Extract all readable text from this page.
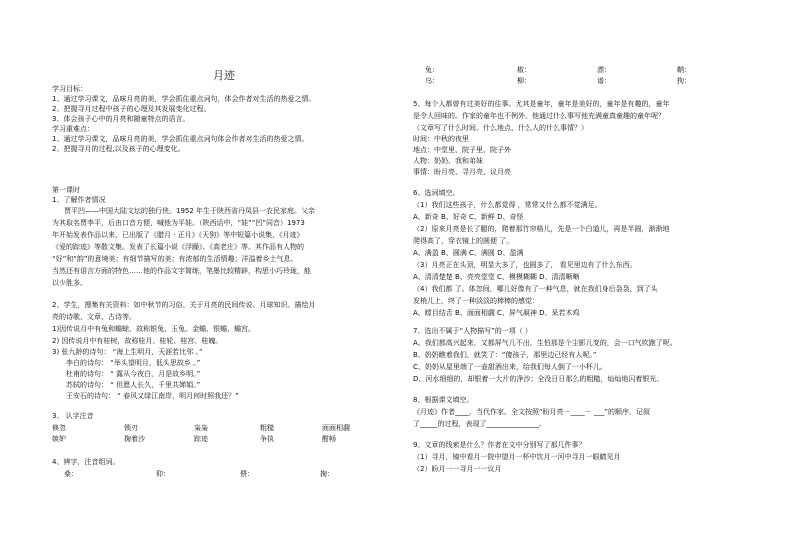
月迹
学习目标：
1、通过学习课文，品味月亮的美，学会抓住重点词句，体会作者对生活的热爱之情。
2、把握寻月过程中孩子的心理及其发展变化过程。
3、体会孩子心中的月亮和随童特点的语言。
学习重难点：
1、通过学习课文，品味月亮的美，学会抓住重点词句体会作者对生活的热爱之情。
2、把握寻月的过程,以及孩子的心理变化。
第一课时
1、了解作者情况
贾平凹——中国大陆文坛的独行侠。1952 年生于陕西省丹凤县一农民家庭。父亲
为其取名贾李平，后由口音方便，喊他为平娃。（陕西话中，“娃”“凹”同音）1973
年开始发表作品以来，已出版了《腊月 · 正月》《天狗》等中短篇小说集，《月迹》
《爱的踪迹》等散文集。发表了长篇小说《浮躁》、《高老庄》等。其作品有人物的
“好”和“韵”的意境美；有细节描写的美；有浓郁的生活情趣；洋溢着乡土气息。
当然还有语言方面的特色……他的作品文字简练，笔墨比较精辟，构思小巧玲珑，能
以少胜多。
2、学生，搜集有关资料：如中秋节的习俗、关于月亮的民间传说、月球知识、描绘月
亮的诗歌、文章、古诗等。
1)因传说月中有兔和蟾蜍，故称银兔、玉兔、金蟾、银蟾、蟾宫。
2) 因传说月中有桂树，故称桂月、桂轮、桂宫、桂魄。
3) 张九龄的诗句： “海上生明月，天涯若比邻 。”
李白的诗句： “举头望明月，低头思故乡 。”
杜甫的诗句： “ 露从今夜白，月是故乡明。”
苏轼的诗句： “ 但愿人长久，千里共婵娟。”
王安石的诗句： “ 春风又绿江南岸，明月何时照我还？”
3、 认字注音
倏忽	锁刃	枭枭	粗糙	面面相觑
嫉妒	掬着沙	踪迹	争执	酣畅
4、辨字，注音组词。
桑：	仰：	偎：	掬：
兔：	椒：	漂：	鞘：
乌：	柳：	谱：	拘：
5、每个人都曾有过美好的往事。尤其是童年，童年是美好的，童年是有趣的，童年
是令人回味的。作家的童年也不例外。他通过什么事写他充满童真童趣的童年呢？
（文章写了什么时间、什么地点、什么人的什么事情？）
时间：中秋的夜里
地点：中堂里、院子里、院子外
人物：奶奶、我和弟妹
事情：盼月亮、寻月亮、议月亮
6、选词填空。
（1）我们这些孩子，什么都觉得 ，常常又什么都不觉满足。
A、新奇 B、好奇 C、新鲜 D、奇怪
（2）原来月亮是长了腿的，爬着那竹帘格儿，先是一个白道儿，再是半圆，渐渐地
爬得高了，穿衣镜上的圆便 了。
A、满盈 B、圆满 C、满圆 D、盈满
（3）月亮正在头顶，明显大多了，也圆多了， 看见里边有了什么东西。
A、清清楚楚 B、亮亮堂堂 C、模模糊糊 D、清清晰晰
（4）我们都 了。体忽间，哪儿好像有了一种气息，就在我们身后袅袅，到了头
发梢儿上，终了一种淡淡的棒棒的感觉：
A、瞠目结舌 B、面面相觑 C、屏气凝神 D、呆若木鸡
7、选出不属于“人物描写”的一项（ ）
A、我们都高兴起来，又都屏气儿不出，生怕那是个尘影儿变的，会一口气吹跑了呢。
B、奶奶瞧着我们，就笑了：“傻孩子，那里边已经有人呢。”
C、奶奶从屋里端了一壶甜酒出来，给我们每人倒了一小杯儿。
D、河水细细的，却银着一大片的净沙；全没日日那么的粗糙，灿灿地闪着银光。
8、根据课文填空。
《月迹》作者____，当代作家。全文按照“盼月亮－____－ ___”的顺序，记叙
了_____的过程，表现了_______________。
9、文章的线索是什么？作者在文中分别写了那几件事？
（1）寻月，镜中看月一院中望月一杯中饮月一河中寻月一眼睛见月
（2）盼月一一寻月一一议月
